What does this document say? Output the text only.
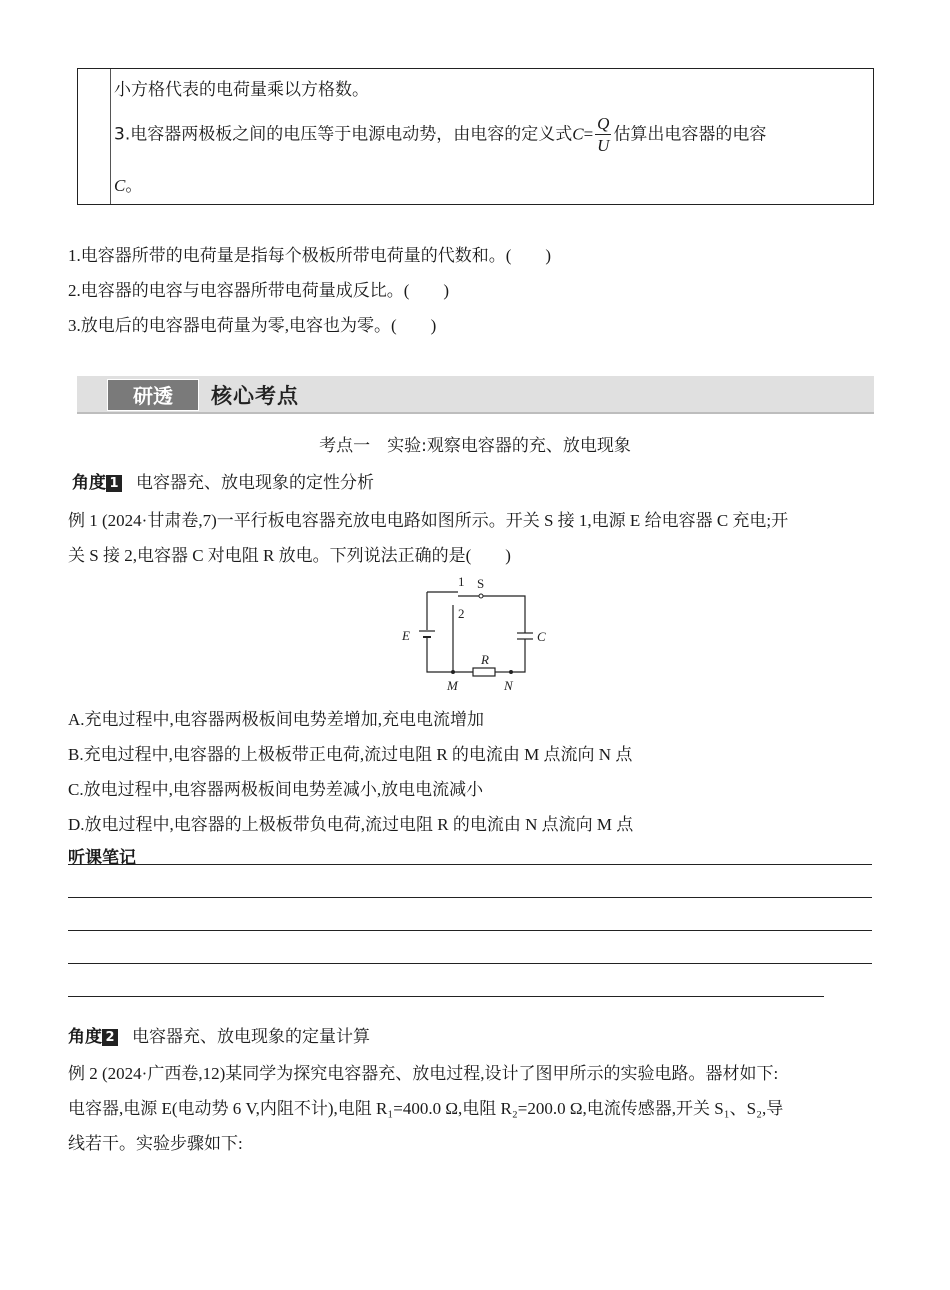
小方格代表的电荷量乘以方格数。
3.电容器两极板之间的电压等于电源电动势，由电容的定义式$C= \frac{Q}{U}$ 估算出电容器的电容
C。
1.电容器所带的电荷量是指每个极板所带电荷量的代数和。(　　)
2.电容器的电容与电容器所带电荷量成反比。(　　)
3.放电后的电容器电荷量为零,电容也为零。(　　)
研透	核心考点
考点一　实验:观察电容器的充、放电现象
角度 1 电容器充、放电现象的定性分析
例 1 (2024·甘肃卷,7)一平行板电容器充放电电路如图所示。开关 S 接 1,电源 E 给电容器 C 充电;开
关 S 接 2,电容器 C 对电阻 R 放电。下列说法正确的是(　　)
1 S
2
E	C
R
M	N
A.充电过程中,电容器两极板间电势差增加,充电电流增加
B.充电过程中,电容器的上极板带正电荷,流过电阻 R 的电流由 M 点流向 N 点
C.放电过程中,电容器两极板间电势差减小,放电电流减小
D.放电过程中,电容器的上极板带负电荷,流过电阻 R 的电流由 N 点流向 M 点
听课笔记
角度 2 电容器充、放电现象的定量计算
例 2 (2024·广西卷,12)某同学为探究电容器充、放电过程,设计了图甲所示的实验电路。器材如下:
电容器,电源 E(电动势 6 V,内阻不计),电阻 R₁=400.0 Ω,电阻 R₂=200.0 Ω,电流传感器,开关 S₁、S₂,导
线若干。实验步骤如下:
